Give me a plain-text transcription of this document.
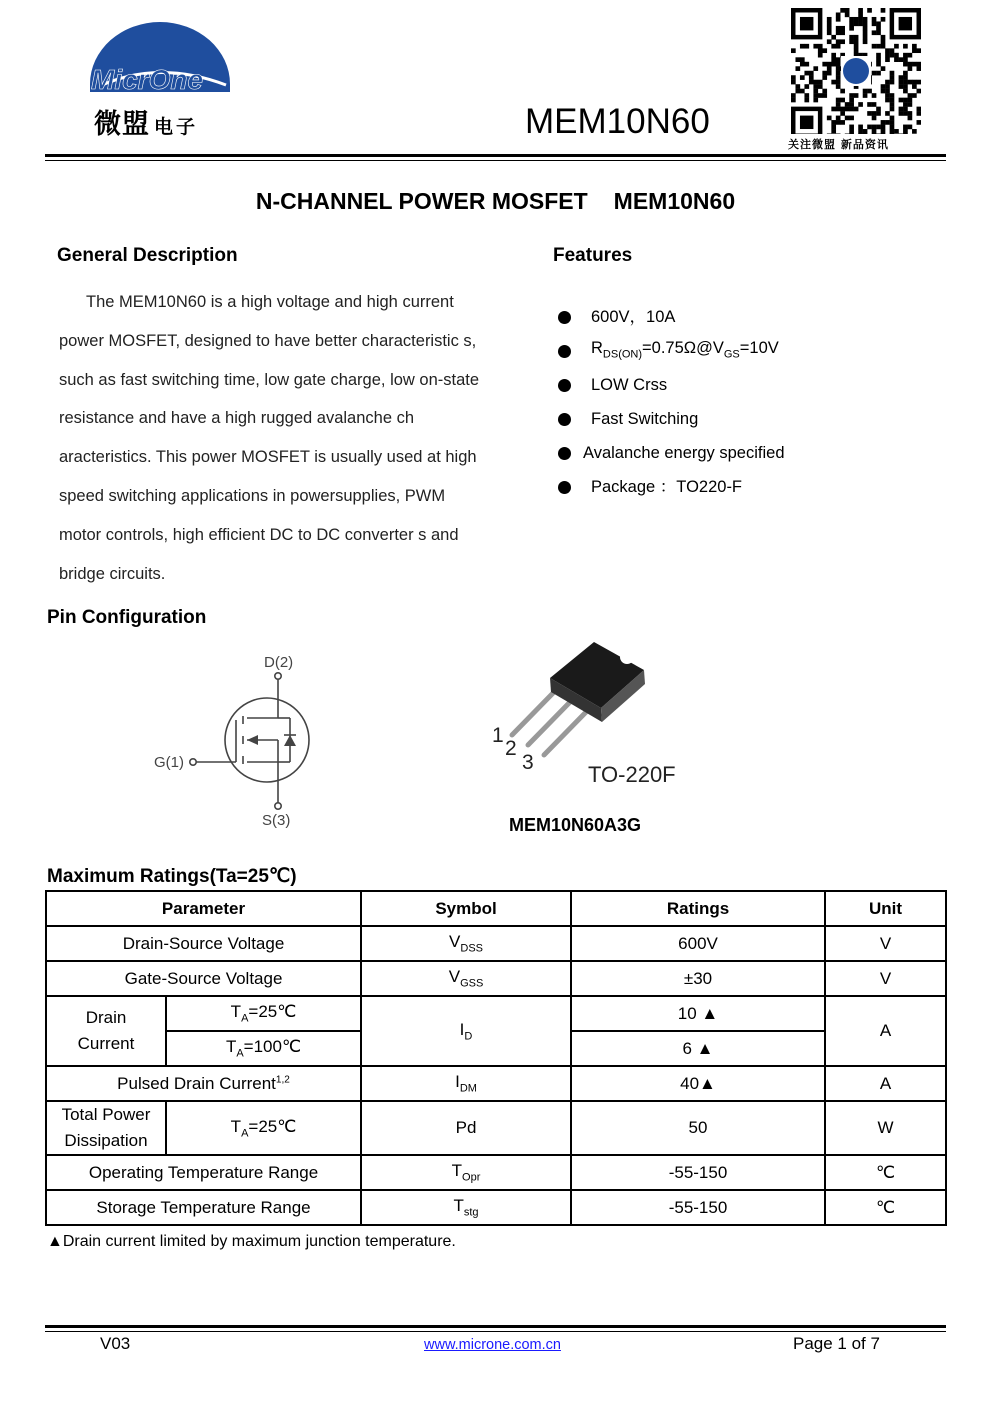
MicrOne
微盟 电子	MEM10N60
关注微盟 新品资讯
N-CHANNEL POWER MOSFET MEM10N60
General Description
The MEM10N60 is a high voltage and high current power MOSFET, designed to have better characteristic s, such as fast switching time, low gate charge, low on-state resistance and have a high rugged avalanche ch aracteristics. This power MOSFET is usually used at high speed switching applications in powersupplies, PWM motor controls, high efficient DC to DC converter s and bridge circuits.
Features
600V，10A
$R_{DS(ON)}=0.75\Omega@V_{GS}=10V$
LOW Crss
Fast Switching
Avalanche energy specified
Package ：TO220-F
Pin Configuration
D(2)
G(1)
S(3)
1
2
3 TO-220F
MEM10N60A3G
Maximum Ratings(Ta=25℃)
Parameter		Symbol	Ratings	Unit
Drain-Source Voltage		$V_{DSS}$	600V	V
Gate-Source Voltage		$V_{GSS}$	±30	V
Drain
Current	$T_A=25℃$	$I_D$	10 ▲	A
	$T_A=100℃$		6 ▲	
Pulsed Drain Current$^{1,2}$		$I_{DM}$	40▲	A
Total Power
Dissipation	$T_A=25℃$	Pd	50	W
Operating Temperature Range		$T_{Opr}$	-55-150	℃
Storage Temperature Range		$T_{stg}$	-55-150	℃
▲Drain current limited by maximum junction temperature.
V03	www.microne.com.cn	Page 1 of 7
